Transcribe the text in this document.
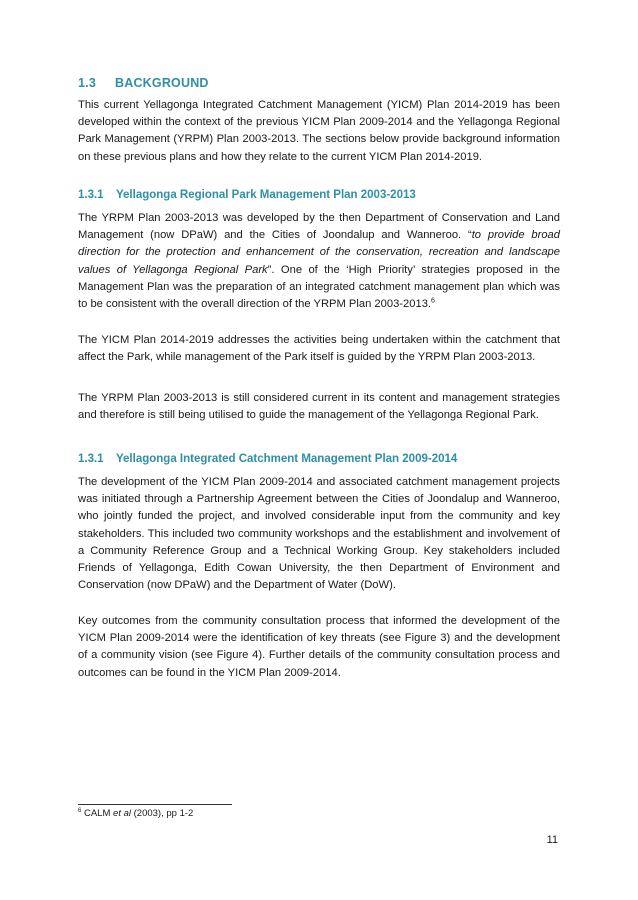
1.3 BACKGROUND
This current Yellagonga Integrated Catchment Management (YICM) Plan 2014-2019 has been developed within the context of the previous YICM Plan 2009-2014 and the Yellagonga Regional Park Management (YRPM) Plan 2003-2013. The sections below provide background information on these previous plans and how they relate to the current YICM Plan 2014-2019.
1.3.1 Yellagonga Regional Park Management Plan 2003-2013
The YRPM Plan 2003-2013 was developed by the then Department of Conservation and Land Management (now DPaW) and the Cities of Joondalup and Wanneroo. “to provide broad direction for the protection and enhancement of the conservation, recreation and landscape values of Yellagonga Regional Park”. One of the ‘High Priority’ strategies proposed in the Management Plan was the preparation of an integrated catchment management plan which was to be consistent with the overall direction of the YRPM Plan 2003-2013.$^6$
The YICM Plan 2014-2019 addresses the activities being undertaken within the catchment that affect the Park, while management of the Park itself is guided by the YRPM Plan 2003-2013.
The YRPM Plan 2003-2013 is still considered current in its content and management strategies and therefore is still being utilised to guide the management of the Yellagonga Regional Park.
1.3.1 Yellagonga Integrated Catchment Management Plan 2009-2014
The development of the YICM Plan 2009-2014 and associated catchment management projects was initiated through a Partnership Agreement between the Cities of Joondalup and Wanneroo, who jointly funded the project, and involved considerable input from the community and key stakeholders. This included two community workshops and the establishment and involvement of a Community Reference Group and a Technical Working Group. Key stakeholders included Friends of Yellagonga, Edith Cowan University, the then Department of Environment and Conservation (now DPaW) and the Department of Water (DoW).
Key outcomes from the community consultation process that informed the development of the YICM Plan 2009-2014 were the identification of key threats (see Figure 3) and the development of a community vision (see Figure 4). Further details of the community consultation process and outcomes can be found in the YICM Plan 2009-2014.
$^6$ CALM et al (2003), pp 1-2
11
